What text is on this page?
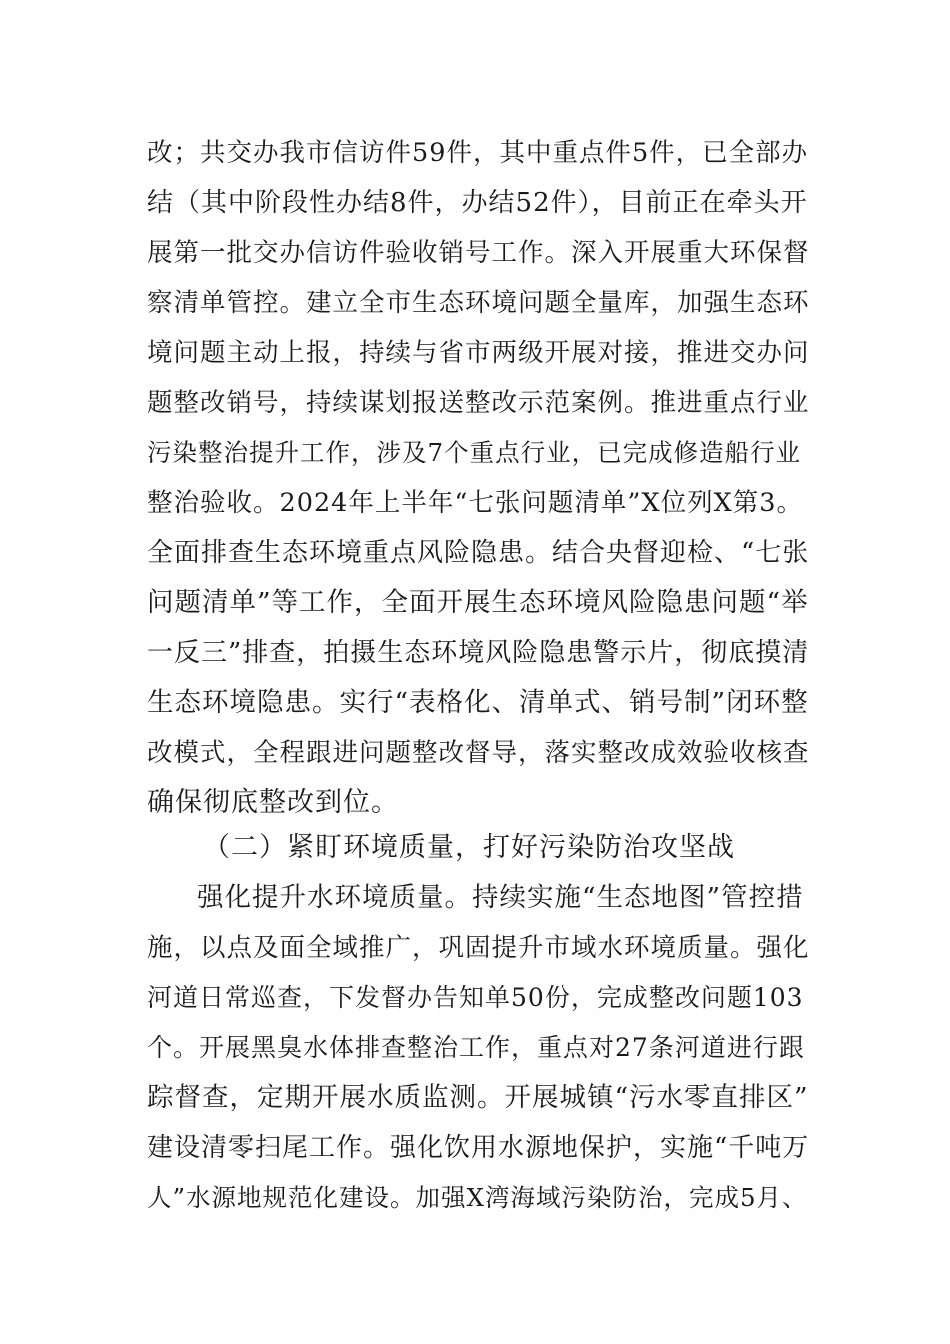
改；共交办我市信访件59件，其中重点件5件，已全部办
结（其中阶段性办结8件，办结52件），目前正在牵头开
展第一批交办信访件验收销号工作。深入开展重大环保督
察清单管控。建立全市生态环境问题全量库，加强生态环
境问题主动上报，持续与省市两级开展对接，推进交办问
题整改销号，持续谋划报送整改示范案例。推进重点行业
污染整治提升工作，涉及7个重点行业，已完成修造船行业
整治验收。2024年上半年“七张问题清单”X位列X第3。
全面排查生态环境重点风险隐患。结合央督迎检、“七张
问题清单”等工作，全面开展生态环境风险隐患问题“举
一反三”排查，拍摄生态环境风险隐患警示片，彻底摸清
生态环境隐患。实行“表格化、清单式、销号制”闭环整
改模式，全程跟进问题整改督导，落实整改成效验收核查
确保彻底整改到位。
（二）紧盯环境质量，打好污染防治攻坚战
强化提升水环境质量。持续实施“生态地图”管控措
施，以点及面全域推广，巩固提升市域水环境质量。强化
河道日常巡查，下发督办告知单50份，完成整改问题103
个。开展黑臭水体排查整治工作，重点对27条河道进行跟
踪督查，定期开展水质监测。开展城镇“污水零直排区”
建设清零扫尾工作。强化饮用水源地保护，实施“千吨万
人”水源地规范化建设。加强X湾海域污染防治，完成5月、
